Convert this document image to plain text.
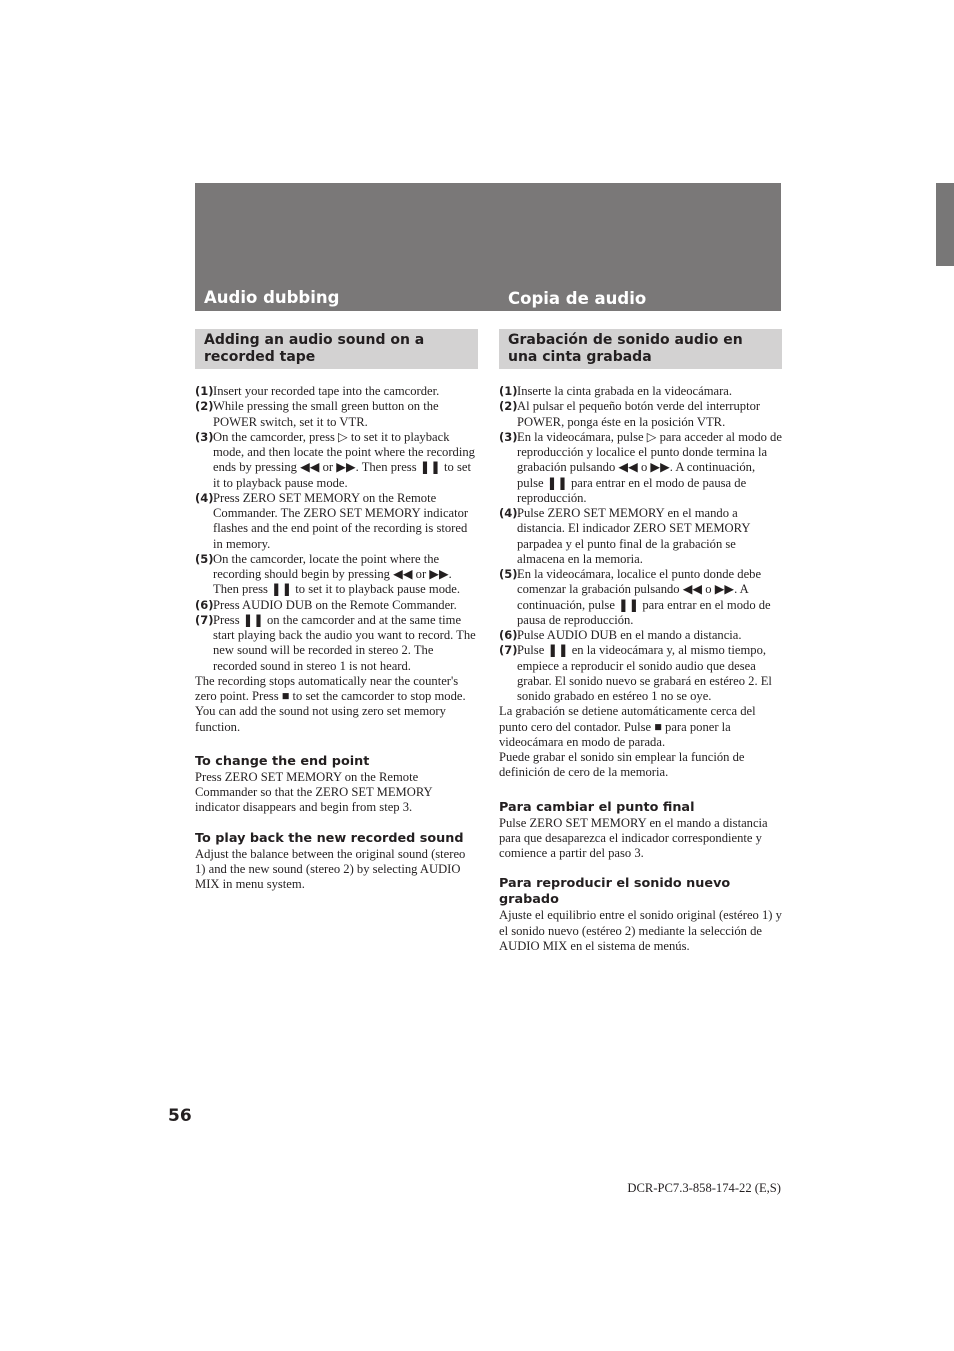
Audio dubbing	Copia de audio
Adding an audio sound on a recorded tape
(1) Insert your recorded tape into the camcorder.
(2) While pressing the small green button on the POWER switch, set it to VTR.
(3) On the camcorder, press ▷ to set it to playback mode, and then locate the point where the recording ends by pressing ◀◀ or ▶▶. Then press ❚❚ to set it to playback pause mode.
(4) Press ZERO SET MEMORY on the Remote Commander. The ZERO SET MEMORY indicator flashes and the end point of the recording is stored in memory.
(5) On the camcorder, locate the point where the recording should begin by pressing ◀◀ or ▶▶. Then press ❚❚ to set it to playback pause mode.
(6) Press AUDIO DUB on the Remote Commander.
(7) Press ❚❚ on the camcorder and at the same time start playing back the audio you want to record. The new sound will be recorded in stereo 2. The recorded sound in stereo 1 is not heard.

The recording stops automatically near the counter's zero point. Press ■ to set the camcorder to stop mode.

You can add the sound not using zero set memory function.

To change the end point

Press ZERO SET MEMORY on the Remote Commander so that the ZERO SET MEMORY indicator disappears and begin from step 3.

To play back the new recorded sound

Adjust the balance between the original sound (stereo 1) and the new sound (stereo 2) by selecting AUDIO MIX in menu system.

Grabación de sonido audio en una cinta grabada
(1) Inserte la cinta grabada en la videocámara.
(2) Al pulsar el pequeño botón verde del interruptor POWER, ponga éste en la posición VTR.
(3) En la videocámara, pulse ▷ para acceder al modo de reproducción y localice el punto donde termina la grabación pulsando ◀◀ o ▶▶. A continuación, pulse ❚❚ para entrar en el modo de pausa de reproducción.
(4) Pulse ZERO SET MEMORY en el mando a distancia. El indicador ZERO SET MEMORY parpadea y el punto final de la grabación se almacena en la memoria.
(5) En la videocámara, localice el punto donde debe comenzar la grabación pulsando ◀◀ o ▶▶. A continuación, pulse ❚❚ para entrar en el modo de pausa de reproducción.
(6) Pulse AUDIO DUB en el mando a distancia.
(7) Pulse ❚❚ en la videocámara y, al mismo tiempo, empiece a reproducir el sonido audio que desea grabar. El sonido nuevo se grabará en estéreo 2. El sonido grabado en estéreo 1 no se oye.

La grabación se detiene automáticamente cerca del punto cero del contador. Pulse ■ para poner la videocámara en modo de parada.

Puede grabar el sonido sin emplear la función de definición de cero de la memoria.

Para cambiar el punto final

Pulse ZERO SET MEMORY en el mando a distancia para que desaparezca el indicador correspondiente y comience a partir del paso 3.

Para reproducir el sonido nuevo grabado

Ajuste el equilibrio entre el sonido original (estéreo 1) y el sonido nuevo (estéreo 2) mediante la selección de AUDIO MIX en el sistema de menús.

56

DCR-PC7.3-858-174-22 (E,S)
